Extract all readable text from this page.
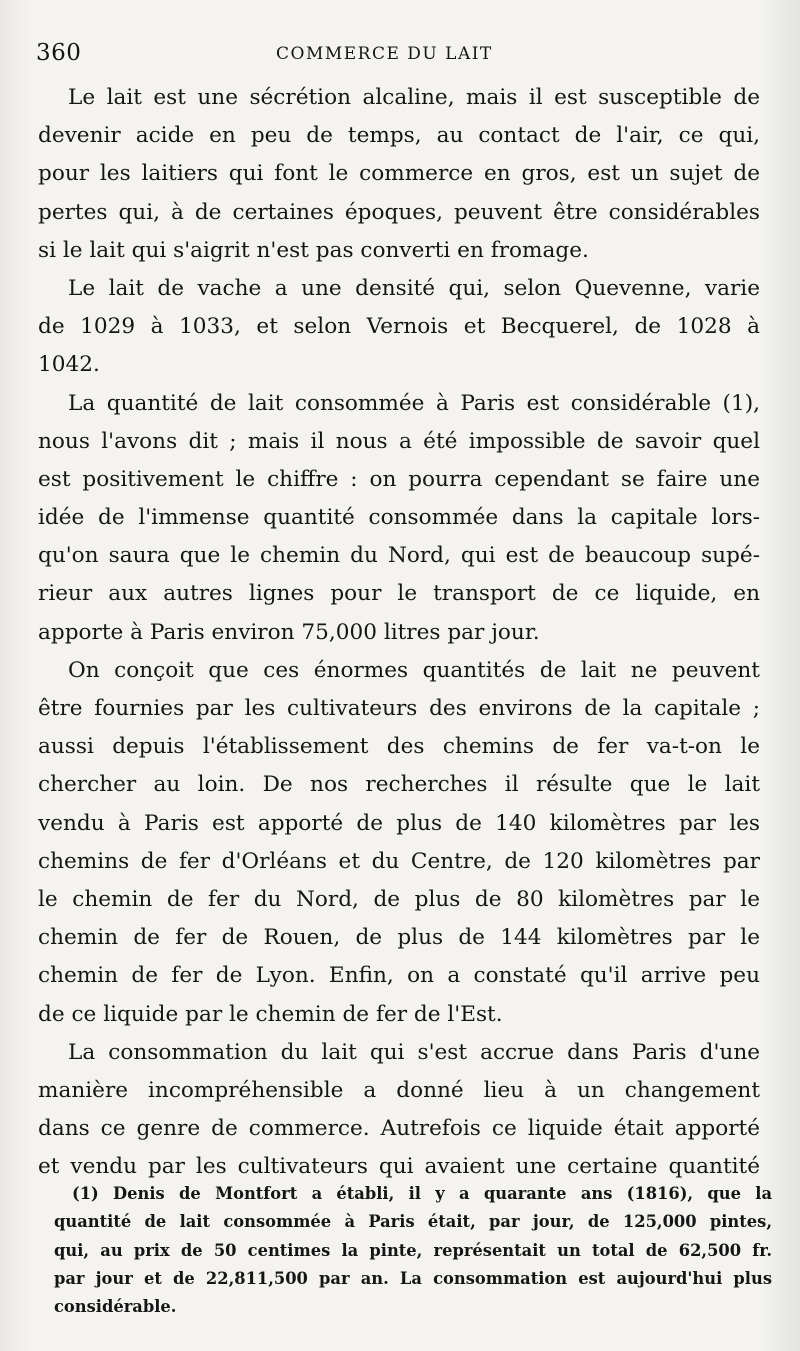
360	COMMERCE DU LAIT
Le lait est une sécrétion alcaline, mais il est susceptible de
devenir acide en peu de temps, au contact de l'air, ce qui,
pour les laitiers qui font le commerce en gros, est un sujet de
pertes qui, à de certaines époques, peuvent être considérables
si le lait qui s'aigrit n'est pas converti en fromage.
Le lait de vache a une densité qui, selon Quevenne, varie
de 1029 à 1033, et selon Vernois et Becquerel, de 1028 à
1042.
La quantité de lait consommée à Paris est considérable (1),
nous l'avons dit ; mais il nous a été impossible de savoir quel
est positivement le chiffre : on pourra cependant se faire une
idée de l'immense quantité consommée dans la capitale lors-
qu'on saura que le chemin du Nord, qui est de beaucoup supé-
rieur aux autres lignes pour le transport de ce liquide, en
apporte à Paris environ 75,000 litres par jour.
On conçoit que ces énormes quantités de lait ne peuvent
être fournies par les cultivateurs des environs de la capitale ;
aussi depuis l'établissement des chemins de fer va-t-on le
chercher au loin. De nos recherches il résulte que le lait
vendu à Paris est apporté de plus de 140 kilomètres par les
chemins de fer d'Orléans et du Centre, de 120 kilomètres par
le chemin de fer du Nord, de plus de 80 kilomètres par le
chemin de fer de Rouen, de plus de 144 kilomètres par le
chemin de fer de Lyon. Enfin, on a constaté qu'il arrive peu
de ce liquide par le chemin de fer de l'Est.
La consommation du lait qui s'est accrue dans Paris d'une
manière incompréhensible a donné lieu à un changement
dans ce genre de commerce. Autrefois ce liquide était apporté
et vendu par les cultivateurs qui avaient une certaine quantité
(1) Denis de Montfort a établi, il y a quarante ans (1816), que la
quantité de lait consommée à Paris était, par jour, de 125,000 pintes,
qui, au prix de 50 centimes la pinte, représentait un total de 62,500 fr.
par jour et de 22,811,500 par an. La consommation est aujourd'hui plus
considérable.
